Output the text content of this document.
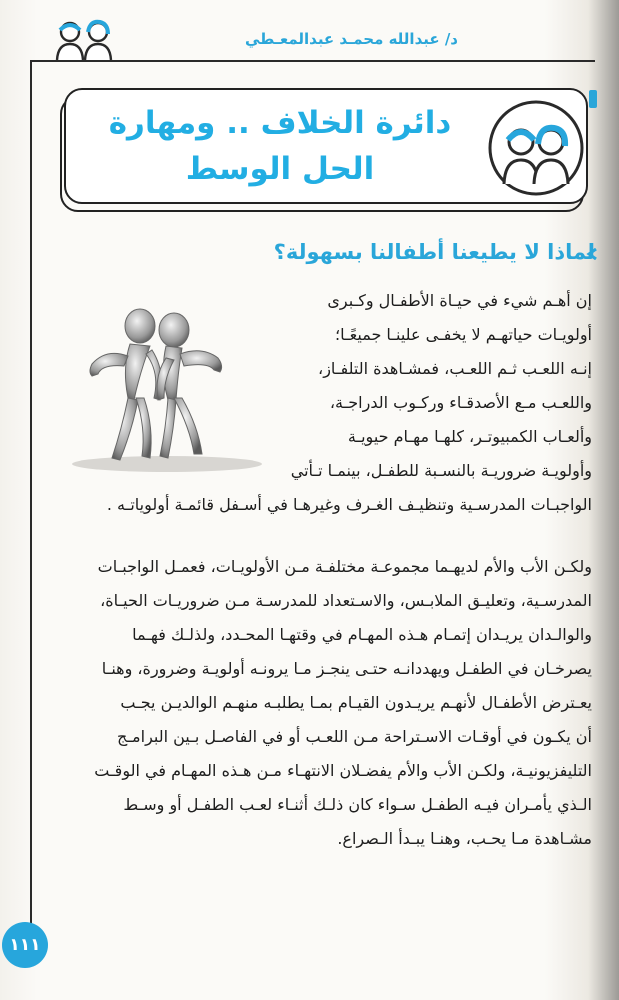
د/ عبدالله محمـد عبدالمعـطي
دائرة الخلاف .. ومهارة
الحل الوسط
لماذا لا يطيعنا أطفالنا بسهولة؟
إن أهـم شيء في حيـاة الأطفـال وكـبرى
أولويـات حياتهـم لا يخفـى علينـا جميعًـا؛
إنـه اللعـب ثـم اللعـب، فمشـاهدة التلفـاز،
واللعـب مـع الأصدقـاء وركـوب الدراجـة،
وألعـاب الكمبيوتـر، كلهـا مهـام حيويـة
وأولويـة ضروريـة بالنسـبة للطفـل، بينمـا تـأتي
الواجبـات المدرسـية وتنظيـف الغـرف وغيرهـا في أسـفل قائمـة أولوياتـه .
ولكـن الأب والأم لديهـما مجموعـة مختلفـة مـن الأولويـات، فعمـل الواجبـات
المدرسـية، وتعليـق الملابـس، والاسـتعداد للمدرسـة مـن ضروريـات الحيـاة،
والوالـدان يريـدان إتمـام هـذه المهـام في وقتهـا المحـدد، ولذلـك فهـما
يصرخـان في الطفـل ويهددانـه حتـى ينجـز مـا يرونـه أولويـة وضرورة، وهنـا
يعـترض الأطفـال لأنهـم يريـدون القيـام بمـا يطلبـه منهـم الوالديـن يجـب
أن يكـون في أوقـات الاسـتراحة مـن اللعـب أو في الفاصـل بـين البرامـج
التليفزيونيـة، ولكـن الأب والأم يفضـلان الانتهـاء مـن هـذه المهـام في الوقـت
الـذي يأمـران فيـه الطفـل سـواء كان ذلـك أثنـاء لعـب الطفـل أو وسـط
مشـاهدة مـا يحـب، وهنـا يبـدأ الـصراع.
١١١
